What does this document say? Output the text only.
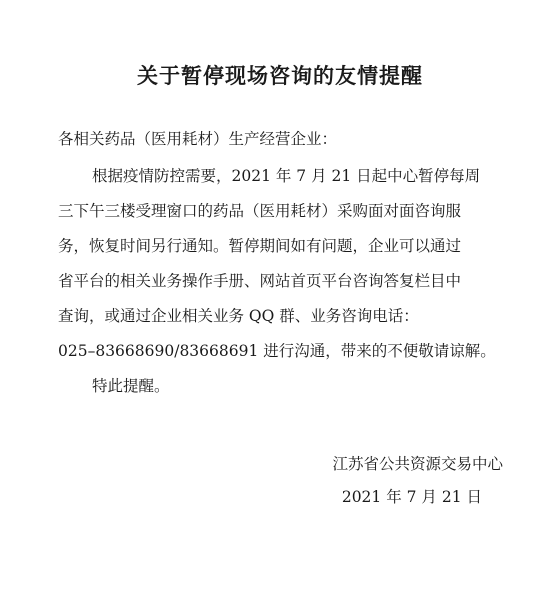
关于暂停现场咨询的友情提醒
各相关药品（医用耗材）生产经营企业：
根据疫情防控需要，2021 年 7 月 21 日起中心暂停每周
三下午三楼受理窗口的药品（医用耗材）采购面对面咨询服
务，恢复时间另行通知。暂停期间如有问题，企业可以通过
省平台的相关业务操作手册、网站首页平台咨询答复栏目中
查询，或通过企业相关业务 QQ 群、业务咨询电话：
025–83668690/83668691 进行沟通，带来的不便敬请谅解。
特此提醒。
江苏省公共资源交易中心
2021 年 7 月 21 日
